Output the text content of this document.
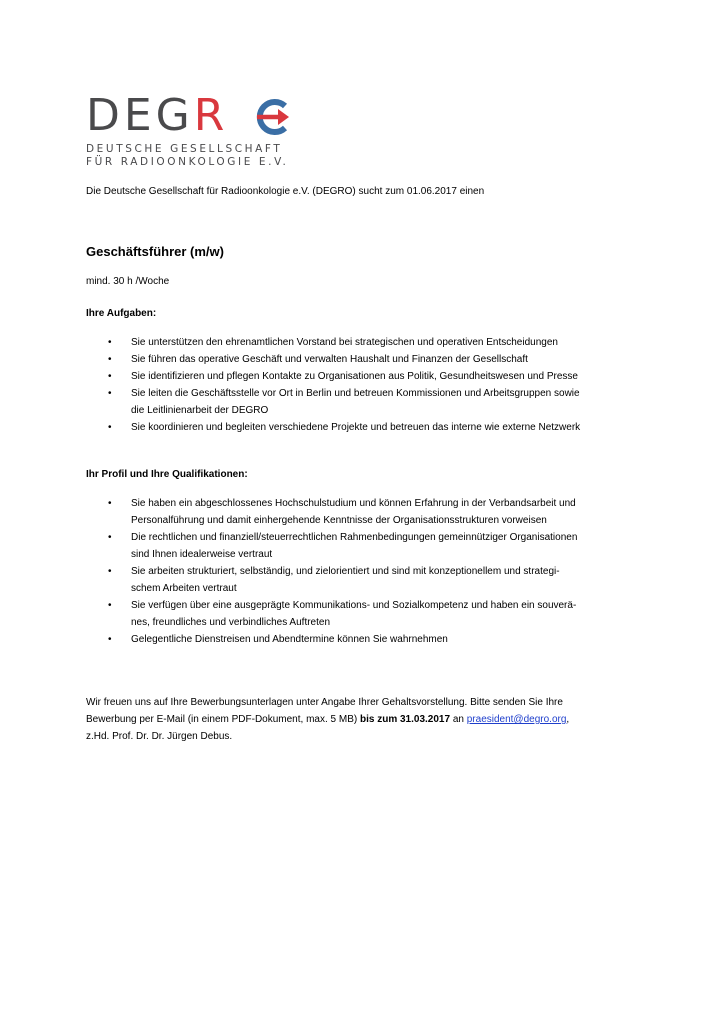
DEGR
DEUTSCHE GESELLSCHAFT
FÜR RADIOONKOLOGIE E.V.
Die Deutsche Gesellschaft für Radioonkologie e.V. (DEGRO) sucht zum 01.06.2017 einen
Geschäftsführer (m/w)
mind. 30 h /Woche
Ihre Aufgaben:
• Sie unterstützen den ehrenamtlichen Vorstand bei strategischen und operativen Entscheidungen
• Sie führen das operative Geschäft und verwalten Haushalt und Finanzen der Gesellschaft
• Sie identifizieren und pflegen Kontakte zu Organisationen aus Politik, Gesundheitswesen und Presse
• Sie leiten die Geschäftsstelle vor Ort in Berlin und betreuen Kommissionen und Arbeitsgruppen sowie
die Leitlinienarbeit der DEGRO
• Sie koordinieren und begleiten verschiedene Projekte und betreuen das interne wie externe Netzwerk
Ihr Profil und Ihre Qualifikationen:
• Sie haben ein abgeschlossenes Hochschulstudium und können Erfahrung in der Verbandsarbeit und
Personalführung und damit einhergehende Kenntnisse der Organisationsstrukturen vorweisen
• Die rechtlichen und finanziell/steuerrechtlichen Rahmenbedingungen gemeinnütziger Organisationen
sind Ihnen idealerweise vertraut
• Sie arbeiten strukturiert, selbständig, und zielorientiert und sind mit konzeptionellem und strategi-
schem Arbeiten vertraut
• Sie verfügen über eine ausgeprägte Kommunikations- und Sozialkompetenz und haben ein souverä-
nes, freundliches und verbindliches Auftreten
• Gelegentliche Dienstreisen und Abendtermine können Sie wahrnehmen
Wir freuen uns auf Ihre Bewerbungsunterlagen unter Angabe Ihrer Gehaltsvorstellung. Bitte senden Sie Ihre
Bewerbung per E-Mail (in einem PDF-Dokument, max. 5 MB) bis zum 31.03.2017 an praesident@degro.org,
z.Hd. Prof. Dr. Dr. Jürgen Debus.
